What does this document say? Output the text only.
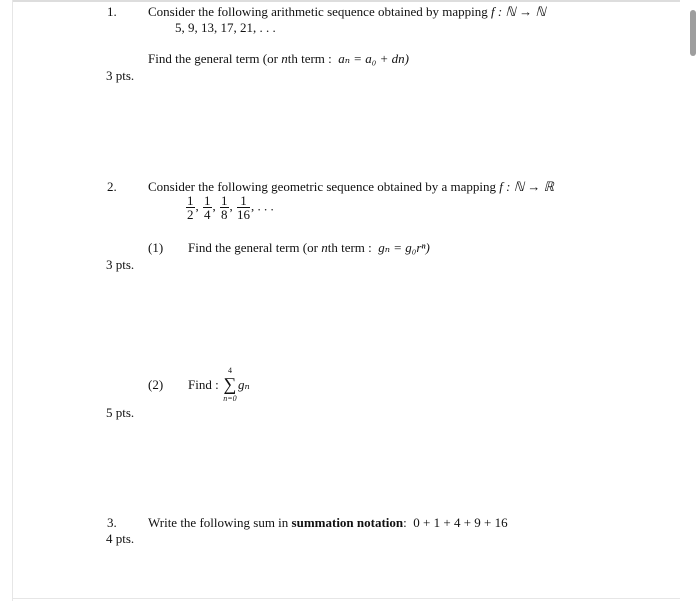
1. Consider the following arithmetic sequence obtained by mapping f : ℕ → ℕ
5, 9, 13, 17, 21, . . .
Find the general term (or nth term : aₙ = a₀ + dn)
3 pts.
2. Consider the following geometric sequence obtained by a mapping f : ℕ → ℝ
$\frac{1}{2}$ , $\frac{1}{4}$ , $\frac{1}{8}$ , $\frac{1}{16}$ , . . .
(1) Find the general term (or nth term : gₙ = g₀rⁿ)
3 pts.
(2) Find :
4
∑
n=0
gₙ
5 pts.
3. Write the following sum in summation notation: 0 + 1 + 4 + 9 + 16
4 pts.
